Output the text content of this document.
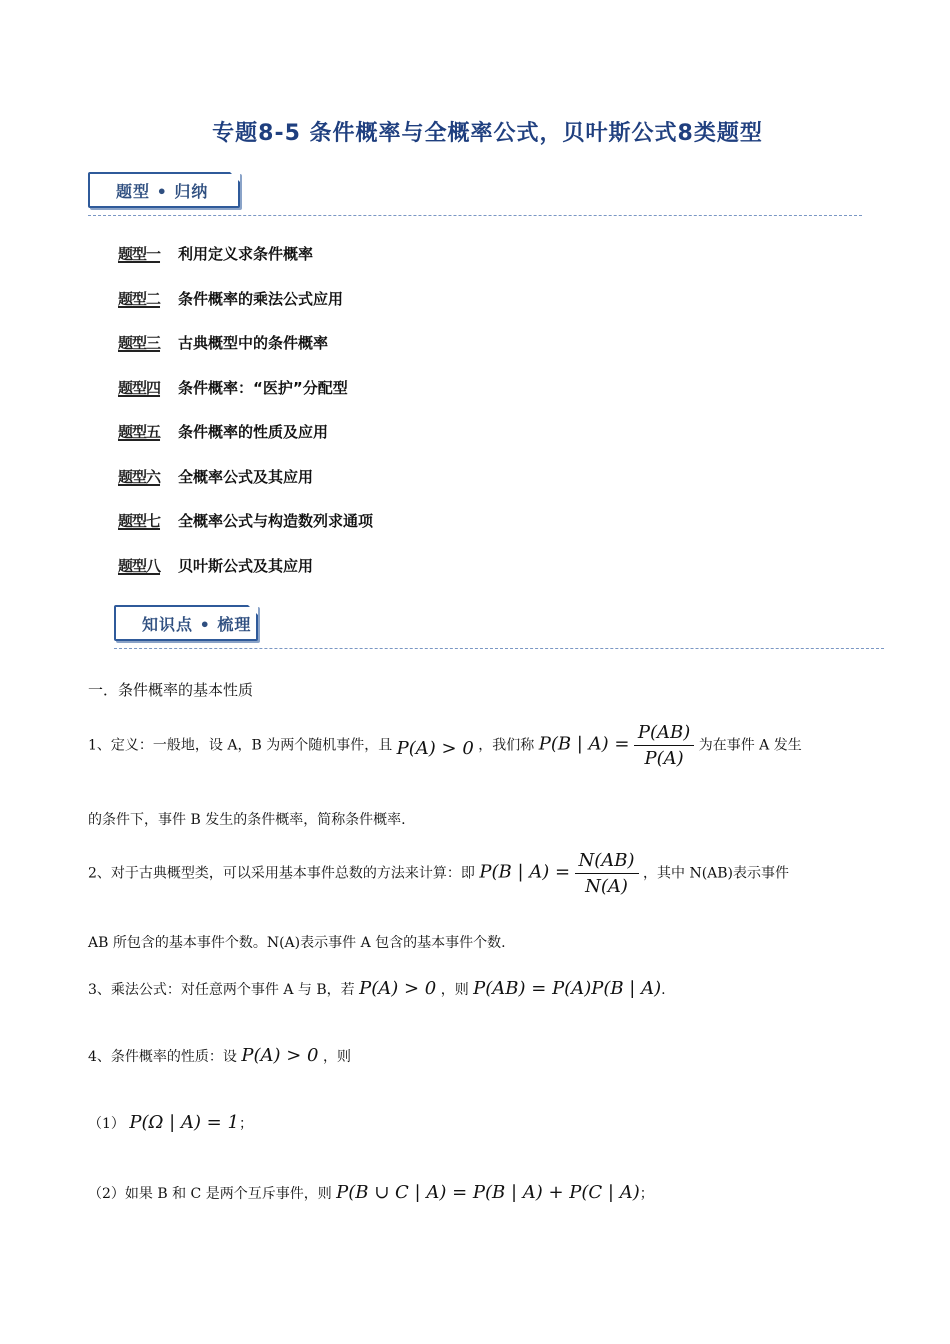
专题8-5 条件概率与全概率公式，贝叶斯公式8类题型
题型 • 归纳
题型一 利用定义求条件概率
题型二 条件概率的乘法公式应用
题型三 古典概型中的条件概率
题型四 条件概率：“医护”分配型
题型五 条件概率的性质及应用
题型六 全概率公式及其应用
题型七 全概率公式与构造数列求通项
题型八 贝叶斯公式及其应用
知识点 • 梳理
一．条件概率的基本性质
1、定义：一般地，设 A，B 为两个随机事件，且 P(A) > 0 ，我们称 P(B | $A) = \frac{P(AB)}{P(A)}$ 为在事件 A 发生
的条件下，事件 B 发生的条件概率，简称条件概率.
2、对于古典概型类，可以采用基本事件总数的方法来计算：即 P(B | $A) = \frac{N(AB)}{N(A)}$ ，其中 N(AB)表示事件
AB 所包含的基本事件个数。N(A)表示事件 A 包含的基本事件个数.
3、乘法公式：对任意两个事件 A 与 B，若 P(A) > 0 ，则 P(AB) = P(A)P(B | A).
4、条件概率的性质：设 P(A) > 0 ，则
（1） P(Ω | A) = 1；
（2）如果 B 和 C 是两个互斥事件，则 P(B ∪ C | A) = P(B | A) + P(C | A)；
